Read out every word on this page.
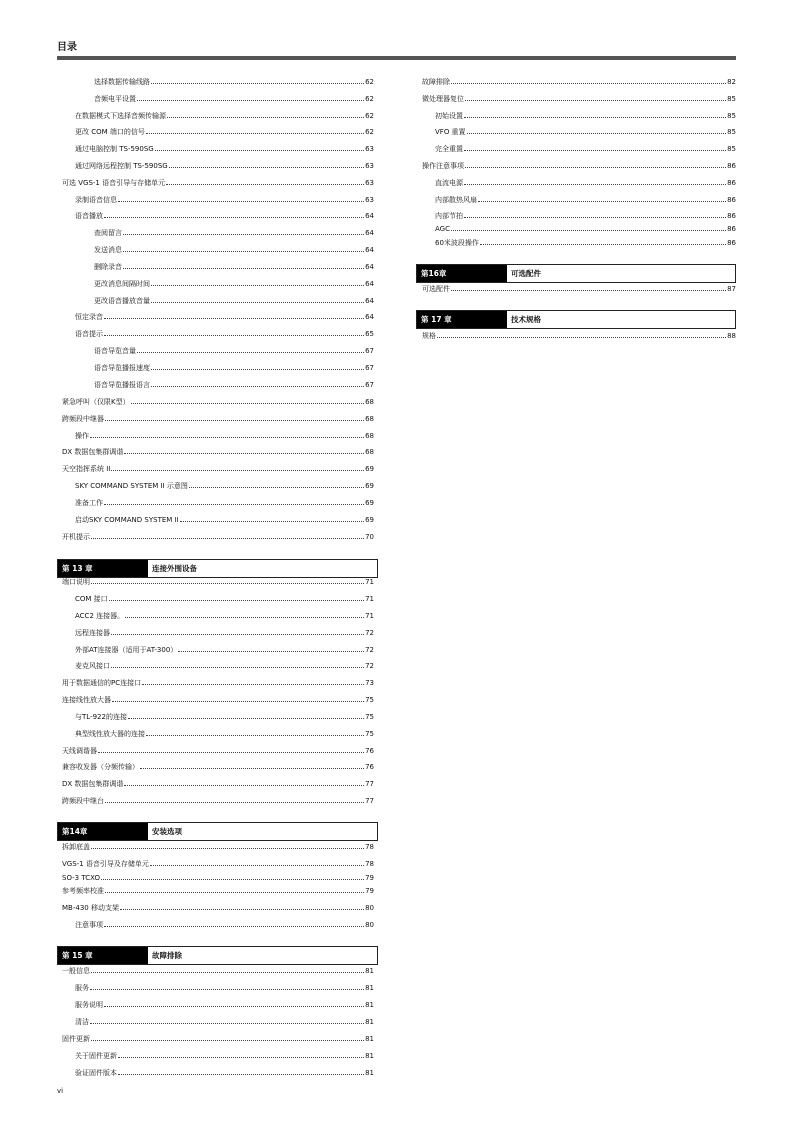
目录
选择数据传输线路	62
音频电平设置	62
在数据模式下选择音频传输源	62
更改 COM 端口的信号	62
通过电脑控制 TS-590SG	63
通过网络远程控制 TS-590SG	63
可选 VGS-1 语音引导与存储单元	63
录制语音信息	63
语音播放	64
查阅留言	64
发送消息	64
删除录音	64
更改消息间隔时间	64
更改语音播放音量	64
恒定录音	64
语音提示	65
语音导览音量	67
语音导览播报速度	67
语音导览播报语言	67
紧急呼叫（仅限K型）	68
跨频段中继器	68
操作	68
DX 数据包集群调谐	68
天空指挥系统 II	69
SKY COMMAND SYSTEM II 示意图	69
准备工作	69
启动SKY COMMAND SYSTEM II	69
开机提示	70
第 13 章	连接外围设备
端口说明	71
COM 接口	71
ACC2 连接器。	71
远程连接器	72
外部AT连接器（适用于AT-300）	72
麦克风接口	72
用于数据通信的PC连接口	73
连接线性放大器	75
与TL-922的连接	75
典型线性放大器的连接	75
天线调谐器	76
兼容收发器（分频传输）	76
DX 数据包集群调谐	77
跨频段中继台	77
第14章	安装选项
拆卸底盖	78
VGS-1 语音引导及存储单元	78
SO-3 TCXO	79
参考频率校准	79
MB-430 移动支架	80
注意事项	80
第 15 章	故障排除
一般信息	81
服务	81
服务说明	81
清洁	81
固件更新	81
关于固件更新	81
验证固件版本	81
故障排除	82
微处理器复位	85
初始设置	85
VFO 重置	85
完全重置	85
操作注意事项	86
直流电源	86
内部散热风扇	86
内部节拍	86
AGC	86
60米波段操作	86
第16章	可选配件
可选配件	87
第 17 章	技术规格
规格	88
vi
